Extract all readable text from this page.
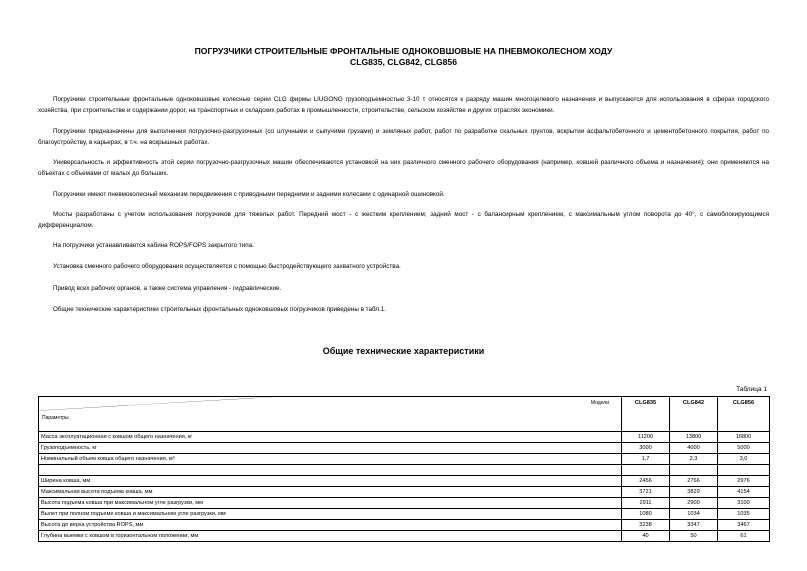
ПОГРУЗЧИКИ СТРОИТЕЛЬНЫЕ ФРОНТАЛЬНЫЕ ОДНОКОВШОВЫЕ НА ПНЕВМОКОЛЕСНОМ ХОДУ
CLG835, CLG842, CLG856

Погрузчики строительные фронтальные одноковшовые колесные серии CLG фирмы LIUGONG грузоподъемностью 3-10 т относятся к разряду машин многоцелевого назначения и выпускаются для использования в сферах городского хозяйства, при строительстве и содержании дорог, на транспортных и складских работах в промышленности, строительстве, сельском хозяйстве и других отраслях экономики.

Погрузчики предназначены для выполнения погрузочно-разгрузочных (со штучными и сыпучими грузами) и земляных работ, работ по разработке скальных грунтов, вскрытии асфальтобетонного и цементобетонного покрытия, работ по благоустройству, в карьерах, в т.ч. на вскрышных работах.

Универсальность и эффективность этой серии погрузочно-разгрузочных машин обеспечиваются установкой на них различного сменного рабочего оборудования (например, ковшей различного объема и назначения); они применяются на объектах с объемами от малых до больших.

Погрузчики имеют пневмоколесный механизм передвижения с приводными передними и задними колесами с одинарной ошиновкой.

Мосты разработаны с учетом использования погрузчиков для тяжелых работ. Передний мост - с жестким креплением; задний мост - с балансирным креплением, с максимальным углом поворота до 40°, с самоблокирующимся дифференциалом.

На погрузчики устанавливается кабина ROPS/FOPS закрытого типа.

Установка сменного рабочего оборудования осуществляется с помощью быстродействующего захватного устройства.

Привод всех рабочих органов, а также система управления - гидравлические.

Общие технические характеристики строительных фронтальных одноковшовых погрузчиков приведены в табл.1.

Общие технические характеристики
Таблица 1
Модели
Параметры	CLG835	CLG842	CLG856
Масса эксплуатационная с ковшом общего назначения, кг	11200	13800	16800
Грузоподъемность, кг	3000	4000	5000
Номинальный объем ковша общего назначения, м³	1,7	2,3	3,0

Ширина ковша, мм	2456	2766	2976
Максимальная высота подъема ковша, мм	3721	3829	4154
Высота подъема ковша при максимальном угле разгрузки, мм	2911	2900	3100
Вылет при полном подъеме ковша и максимальном угле разгрузки, мм	1080	1034	1035
Высота до верха устройства ROPS, мм	3238	3347	3467
Глубина выемки с ковшом в горизонтальном положении, мм	40	50	61
